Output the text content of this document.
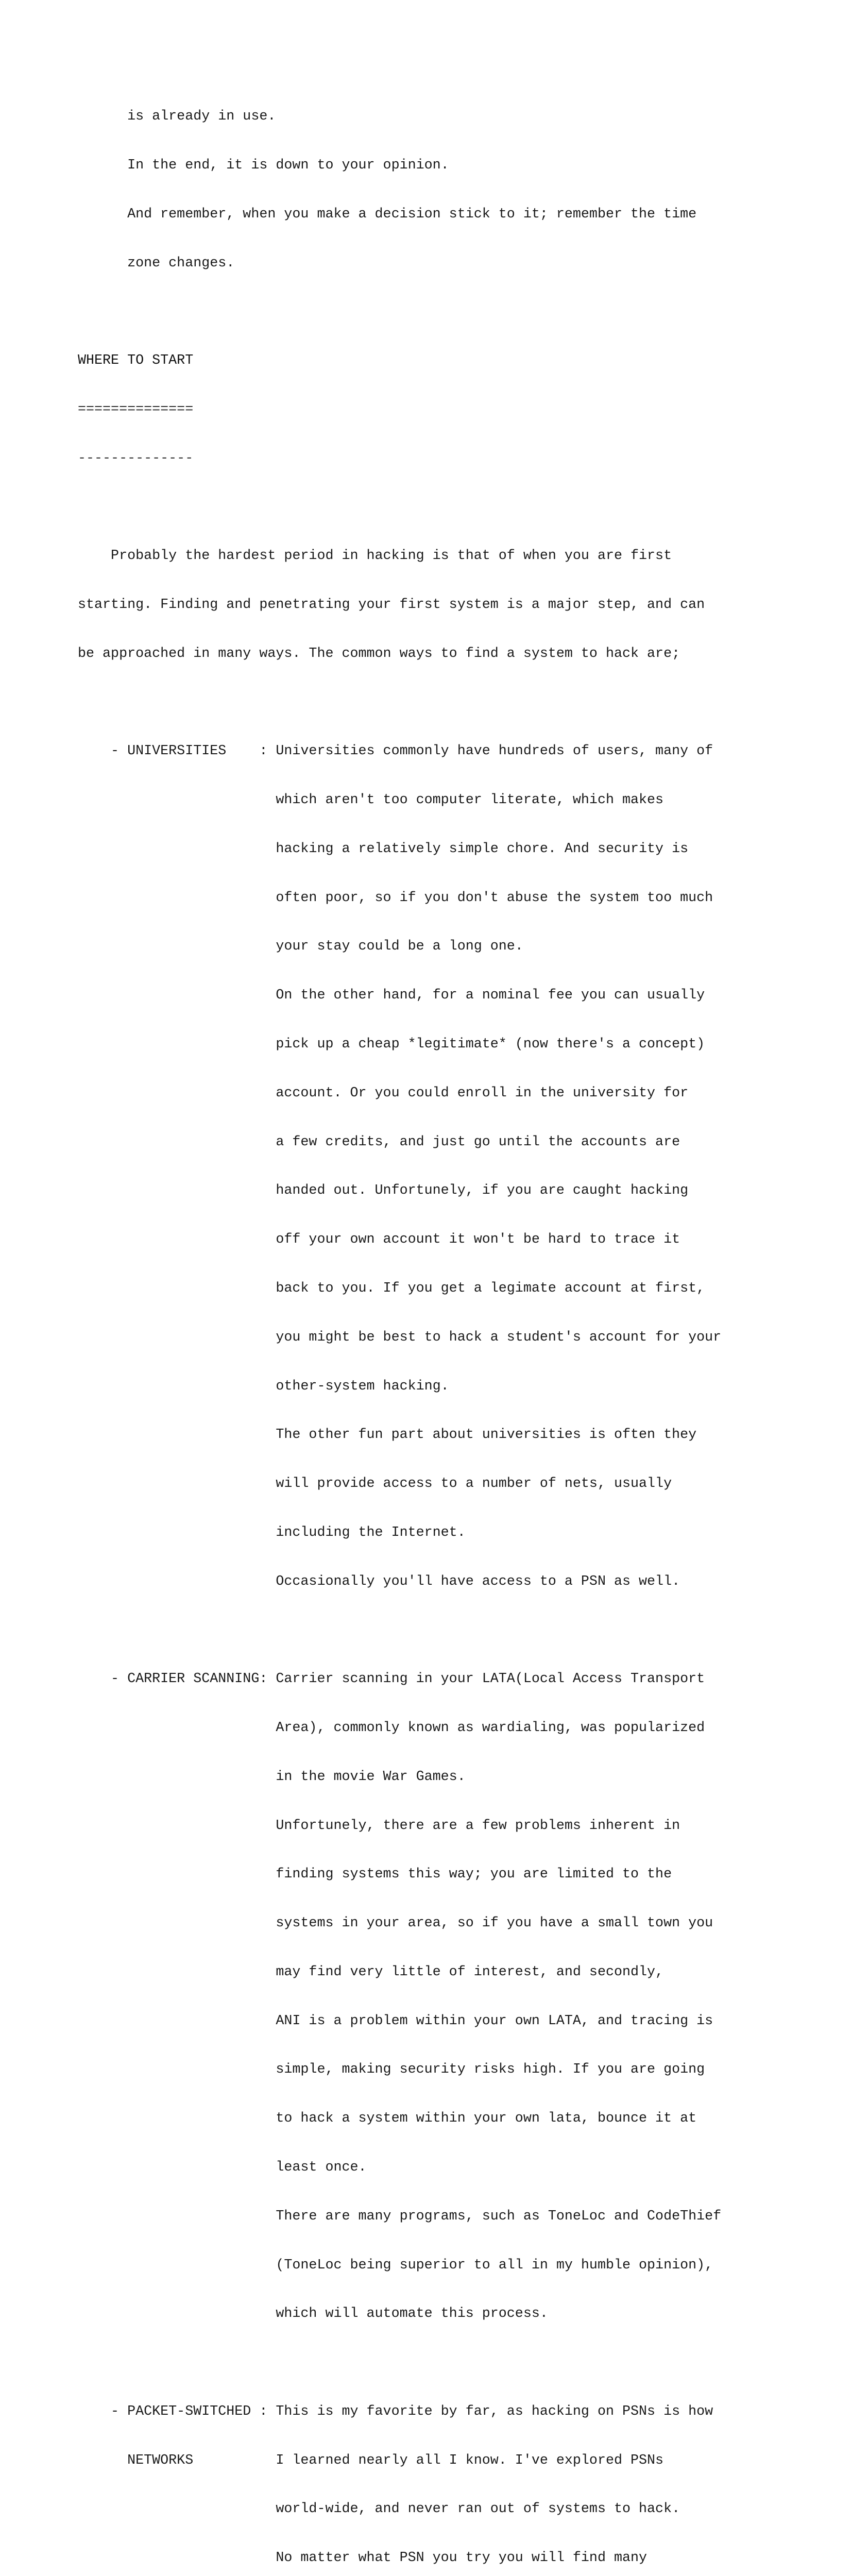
is already in use.

In the end, it is down to your opinion.

And remember, when you make a decision stick to it; remember the time

zone changes.

WHERE TO START

==============

--------------

Probably the hardest period in hacking is that of when you are first

starting. Finding and penetrating your first system is a major step, and can

be approached in many ways. The common ways to find a system to hack are;

- UNIVERSITIES    : Universities commonly have hundreds of users, many of

which aren't too computer literate, which makes

hacking a relatively simple chore. And security is

often poor, so if you don't abuse the system too much

your stay could be a long one.

On the other hand, for a nominal fee you can usually

pick up a cheap *legitimate* (now there's a concept)

account. Or you could enroll in the university for

a few credits, and just go until the accounts are

handed out. Unfortunely, if you are caught hacking

off your own account it won't be hard to trace it

back to you. If you get a legimate account at first,

you might be best to hack a student's account for your

other-system hacking.

The other fun part about universities is often they

will provide access to a number of nets, usually

including the Internet.

Occasionally you'll have access to a PSN as well.

- CARRIER SCANNING: Carrier scanning in your LATA(Local Access Transport

Area), commonly known as wardialing, was popularized

in the movie War Games.

Unfortunely, there are a few problems inherent in

finding systems this way; you are limited to the

systems in your area, so if you have a small town you

may find very little of interest, and secondly,

ANI is a problem within your own LATA, and tracing is

simple, making security risks high. If you are going

to hack a system within your own lata, bounce it at

least once.

There are many programs, such as ToneLoc and CodeThief

(ToneLoc being superior to all in my humble opinion),

which will automate this process.

- PACKET-SWITCHED : This is my favorite by far, as hacking on PSNs is how

NETWORKS          I learned nearly all I know. I've explored PSNs

world-wide, and never ran out of systems to hack.

No matter what PSN you try you will find many
